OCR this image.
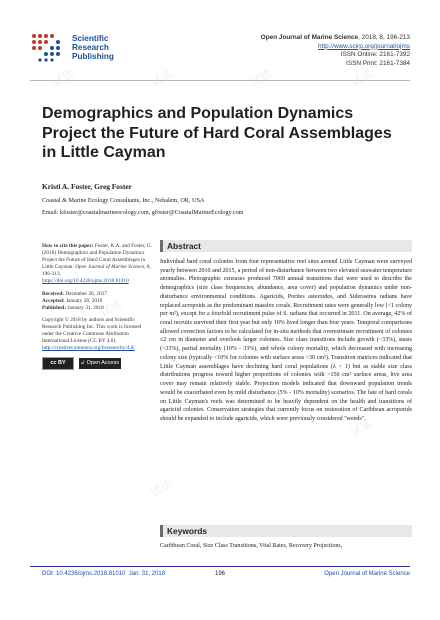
试读	试读	试读	试读
试读	试读
试读
试读
Scientific
Research
Publishing
Open Journal of Marine Science, 2018, 8, 196-213
http://www.scirp.org/journal/ojms
ISSN Online: 2161-7392
ISSN Print: 2161-7384
Demographics and Population Dynamics
Project the Future of Hard Coral Assemblages
in Little Cayman
Kristi A. Foster, Greg Foster
Coastal & Marine Ecology Consultants, Inc., Nehalem, OR, USA
Email: kfoster@coastalmarineecology.com, gfoster@CoastalMarineEcology.com

How to cite this paper: Foster, K.A. and Foster, G. (2018) Demographics and Population Dynamics Project the Future of Hard Coral Assemblages in Little Cayman. Open Journal of Marine Science, 8, 196-213.
https://doi.org/10.4236/ojms.2018.81010

Received: December 26, 2017
Accepted: January 28, 2018
Published: January 31, 2018

Copyright © 2018 by authors and Scientific Research Publishing Inc. This work is licensed under the Creative Commons Attribution International License (CC BY 4.0).
http://creativecommons.org/licenses/by/4.0/

cc BY	🔓︎ Open Access
Abstract
Individual hard coral colonies from four representative reef sites around Little Cayman were surveyed yearly between 2010 and 2015, a period of non-disturbance between two elevated seawater temperature anomalies. Photographic censuses produced 7069 annual transitions that were used to describe the demographics (size class frequencies, abundance, area cover) and population dynamics under non-disturbance environmental conditions. Agaricids, Porites asteroides, and Siderastrea radians have replaced acropoids as the predominant massive corals. Recruitment rates were generally low (<1 colony per m²), except for a fourfold recruitment pulse of S. radians that occurred in 2011. On average, 42% of coral recruits survived their first year but only 10% lived longer than four years. Temporal comparisons allowed correction factors to be calculated for in-situ methods that overestimate recruitment of colonies ≤2 cm in diameter and overlook larger colonies. Size class transitions include growth (~33%), stasis (~33%), partial mortality (10% - 33%), and whole colony mortality, which decreased with increasing colony size (typically <10% for colonies with surface areas >30 cm²). Transition matrices indicated that Little Cayman assemblages have declining hard coral populations (λ < 1) but as stable size class distributions progress toward higher proportions of colonies with >150 cm² surface areas, live area cover may remain relatively stable. Projection models indicated that downward population trends would be exacerbated even by mild disturbance (5% - 10% mortality) scenarios. The fate of hard corals on Little Cayman's reefs was determined to be heavily dependent on the health and transitions of agariciid colonies. Conservation strategies that currently focus on restoration of Caribbean acroporids should be expanded to include agaricids, which were previously considered "weeds".
Keywords
Caribbean Coral, Size Class Transitions, Vital Rates, Recovery Projections,
DOI: 10.4236/ojms.2018.81010 Jan. 31, 2018	196	Open Journal of Marine Science
